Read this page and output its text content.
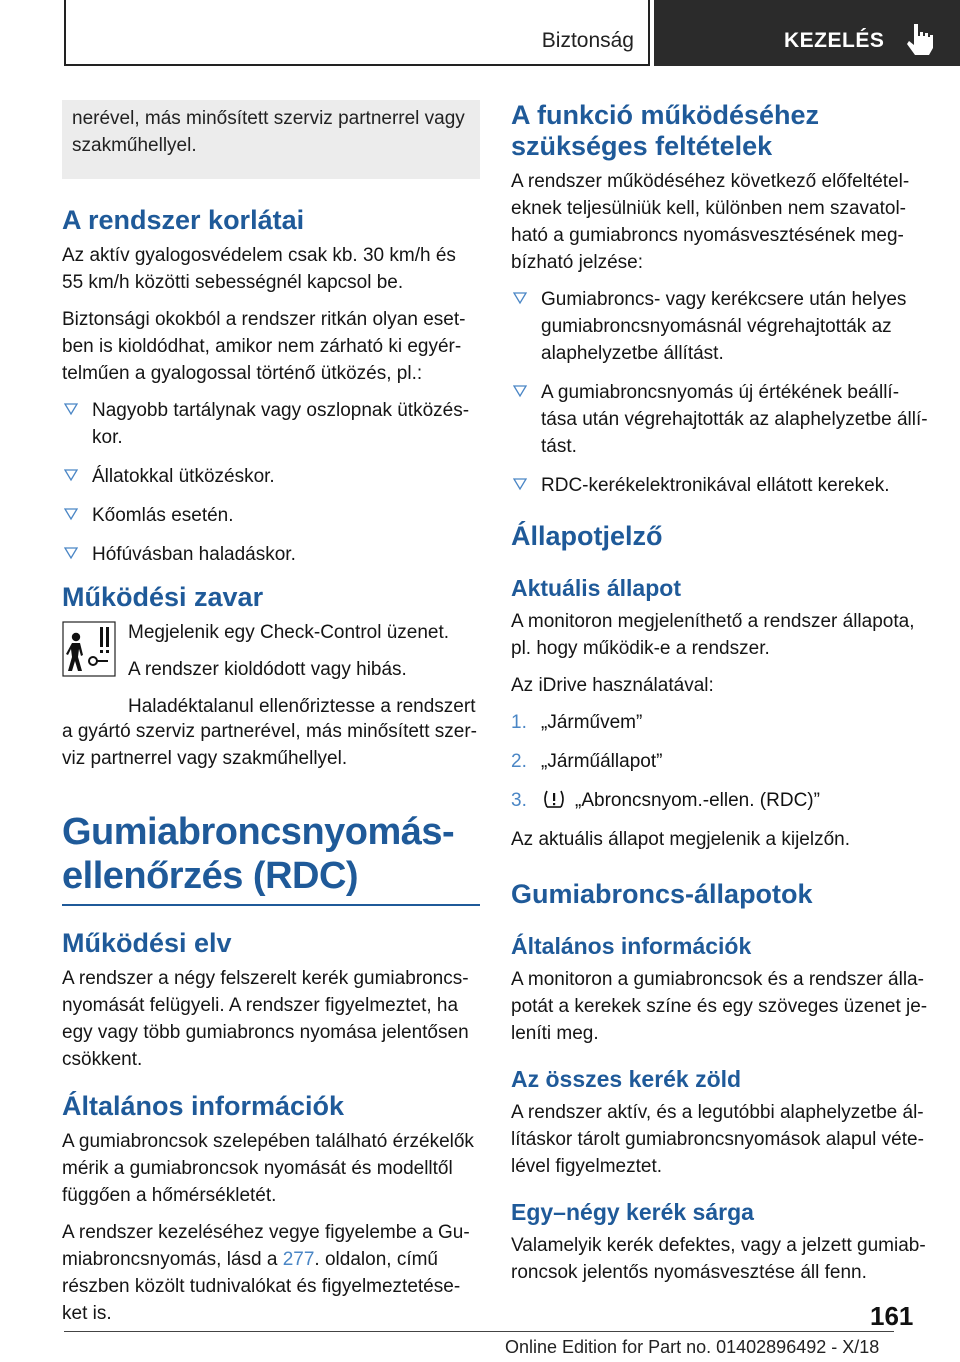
Biztonság	KEZELÉS
nerével, más minősített szerviz partnerrel vagy szakműhellyel.
A rendszer korlátai

Az aktív gyalogosvédelem csak kb. 30 km/h és 55 km/h közötti sebességnél kapcsol be.

Biztonsági okokból a rendszer ritkán olyan eset-ben is kioldódhat, amikor nem zárható ki egyér-telműen a gyalogossal történő ütközés, pl.:

Nagyobb tartálynak vagy oszlopnak ütközés-kor.
Állatokkal ütközéskor.
Kőomlás esetén.
Hófúvásban haladáskor.
Működési zavar

Megjelenik egy Check-Control üzenet.

A rendszer kioldódott vagy hibás.

Haladéktalanul ellenőriztesse a rendszert

a gyártó szerviz partnerével, más minősített szer-viz partnerrel vagy szakműhellyel.

Gumiabroncsnyomás-ellenőrzés (RDC)
Működési elv

A rendszer a négy felszerelt kerék gumiabroncs-nyomását felügyeli. A rendszer figyelmeztet, ha egy vagy több gumiabroncs nyomása jelentősen csökkent.

Általános információk

A gumiabroncsok szelepében található érzékelők mérik a gumiabroncsok nyomását és modelltől függően a hőmérsékletét.

A rendszer kezeléséhez vegye figyelembe a Gu-miabroncsnyomás, lásd a 277. oldalon, című részben közölt tudnivalókat és figyelmeztetése-ket is.

A funkció működéséhez szükséges feltételek

A rendszer működéséhez következő előfeltétel-eknek teljesülniük kell, különben nem szavatol-ható a gumiabroncs nyomásvesztésének meg-bízható jelzése:

Gumiabroncs- vagy kerékcsere után helyes gumiabroncsnyomásnál végrehajtották az alaphelyzetbe állítást.
A gumiabroncsnyomás új értékének beállí-tása után végrehajtották az alaphelyzetbe állí-tást.
RDC-kerékelektronikával ellátott kerekek.
Állapotjelző
Aktuális állapot

A monitoron megjeleníthető a rendszer állapota, pl. hogy működik-e a rendszer.

Az iDrive használatával:

1. „Járművem”
2. „Járműállapot”
3.	„Abroncsnyom.-ellen. (RDC)”

Az aktuális állapot megjelenik a kijelzőn.

Gumiabroncs-állapotok
Általános információk

A monitoron a gumiabroncsok és a rendszer álla-potát a kerekek színe és egy szöveges üzenet je-leníti meg.

Az összes kerék zöld

A rendszer aktív, és a legutóbbi alaphelyzetbe ál-lításkor tárolt gumiabroncsnyomások alapul véte-lével figyelmeztet.

Egy–négy kerék sárga

Valamelyik kerék defektes, vagy a jelzett gumiab-roncsok jelentős nyomásvesztése áll fenn.

161
Online Edition for Part no. 01402896492 - X/18
